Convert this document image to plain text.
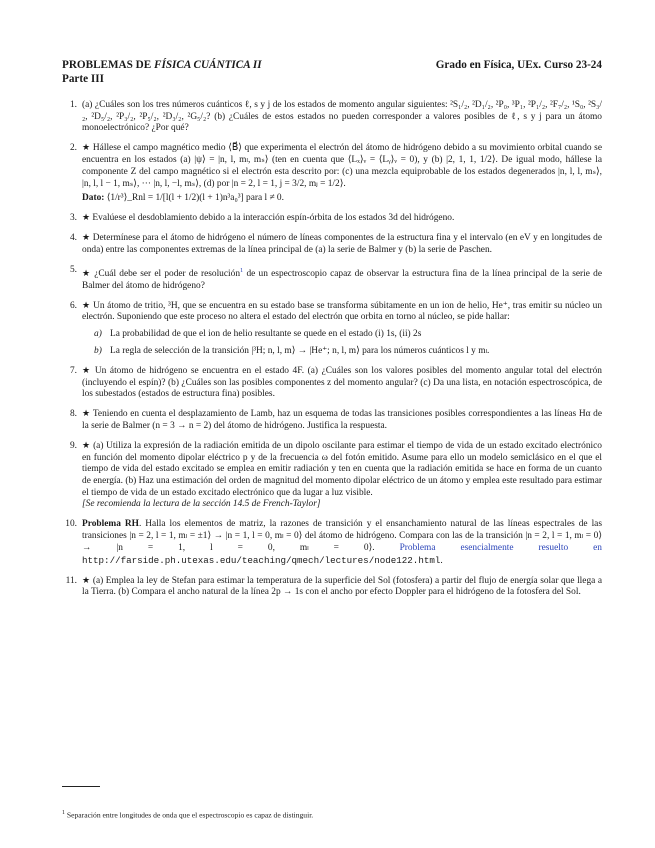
PROBLEMAS DE FÍSICA CUÁNTICA II
Parte III
Grado en Física, UEx. Curso 23-24
1. (a) ¿Cuáles son los tres números cuánticos ℓ, s y j de los estados de momento angular siguientes: ²S₁/₂, ²D₁/₂, ²P₀, ³P₁, ²P₁/₂, ²F₇/₂, ¹S₀, ²S₃/₂, ²D₅/₂, ²P₃/₂, ²P₅/₂, ²D₃/₂, ²G₅/₂? (b) ¿Cuáles de estos estados no pueden corresponder a valores posibles de ℓ, s y j para un átomo monoelectrónico? ¿Por qué?
2. ★ Hállese el campo magnético medio ⟨B⃗⟩ que experimenta el electrón del átomo de hidrógeno debido a su movimiento orbital cuando se encuentra en los estados (a) |ψ⟩ = |n, l, mₗ, mₛ⟩ (ten en cuenta que ⟨Lₓ⟩ᵥ = ⟨Lᵧ⟩ᵥ = 0), y (b) |2, 1, 1, 1/2⟩. De igual modo, hállese la componente Z del campo magnético si el electrón esta descrito por: (c) una mezcla equiprobable de los estados degenerados |n, l, l, mₛ⟩, |n, l, l − 1, mₛ⟩, ··· |n, l, −l, mₛ⟩, (d) por |n = 2, l = 1, j = 3/2, mⱼ = 1/2⟩.
Dato: ⟨1/r³⟩_Rnl = 1/[l(l + 1/2)(l + 1)n³a₀³] para l ≠ 0.
3. ★ Evalúese el desdoblamiento debido a la interacción espín-órbita de los estados 3d del hidrógeno.
4. ★ Determínese para el átomo de hidrógeno el número de líneas componentes de la estructura fina y el intervalo (en eV y en longitudes de onda) entre las componentes extremas de la línea principal de (a) la serie de Balmer y (b) la serie de Paschen.
5. ★ ¿Cuál debe ser el poder de resolución$^1$ de un espectroscopio capaz de observar la estructura fina de la línea principal de la serie de Balmer del átomo de hidrógeno?
6. ★ Un átomo de tritio, ³H, que se encuentra en su estado base se transforma súbitamente en un ion de helio, He⁺, tras emitir su núcleo un electrón. Suponiendo que este proceso no altera el estado del electrón que orbita en torno al núcleo, se pide hallar:
a) La probabilidad de que el ion de helio resultante se quede en el estado (i) 1s, (ii) 2s
b) La regla de selección de la transición |³H; n, l, m⟩ → |He⁺; n, l, m⟩ para los números cuánticos l y mₗ.
7. ★ Un átomo de hidrógeno se encuentra en el estado 4F. (a) ¿Cuáles son los valores posibles del momento angular total del electrón (incluyendo el espín)? (b) ¿Cuáles son las posibles componentes z del momento angular? (c) Da una lista, en notación espectroscópica, de los subestados (estados de estructura fina) posibles.
8. ★ Teniendo en cuenta el desplazamiento de Lamb, haz un esquema de todas las transiciones posibles correspondientes a las líneas Hα de la serie de Balmer (n = 3 → n = 2) del átomo de hidrógeno. Justifica la respuesta.
9. ★ (a) Utiliza la expresión de la radiación emitida de un dipolo oscilante para estimar el tiempo de vida de un estado excitado electrónico en función del momento dipolar eléctrico p y de la frecuencia ω del fotón emitido. Asume para ello un modelo semiclásico en el que el tiempo de vida del estado excitado se emplea en emitir radiación y ten en cuenta que la radiación emitida se hace en forma de un cuanto de energía. (b) Haz una estimación del orden de magnitud del momento dipolar eléctrico de un átomo y emplea este resultado para estimar el tiempo de vida de un estado excitado electrónico que da lugar a luz visible.
[Se recomienda la lectura de la sección 14.5 de French-Taylor]
10. Problema RH. Halla los elementos de matriz, la razones de transición y el ensanchamiento natural de las líneas espectrales de las transiciones |n = 2, l = 1, mₗ = ±1⟩ → |n = 1, l = 0, mₗ = 0⟩ del átomo de hidrógeno. Compara con las de la transición |n = 2, l = 1, mₗ = 0⟩ → |n = 1, l = 0, mₗ = 0⟩. Problema esencialmente resuelto en http://farside.ph.utexas.edu/teaching/qmech/lectures/node122.html.
11. ★ (a) Emplea la ley de Stefan para estimar la temperatura de la superficie del Sol (fotosfera) a partir del flujo de energía solar que llega a la Tierra. (b) Compara el ancho natural de la línea 2p → 1s con el ancho por efecto Doppler para el hidrógeno de la fotosfera del Sol.
$^1$ Separación entre longitudes de onda que el espectroscopio es capaz de distinguir.
